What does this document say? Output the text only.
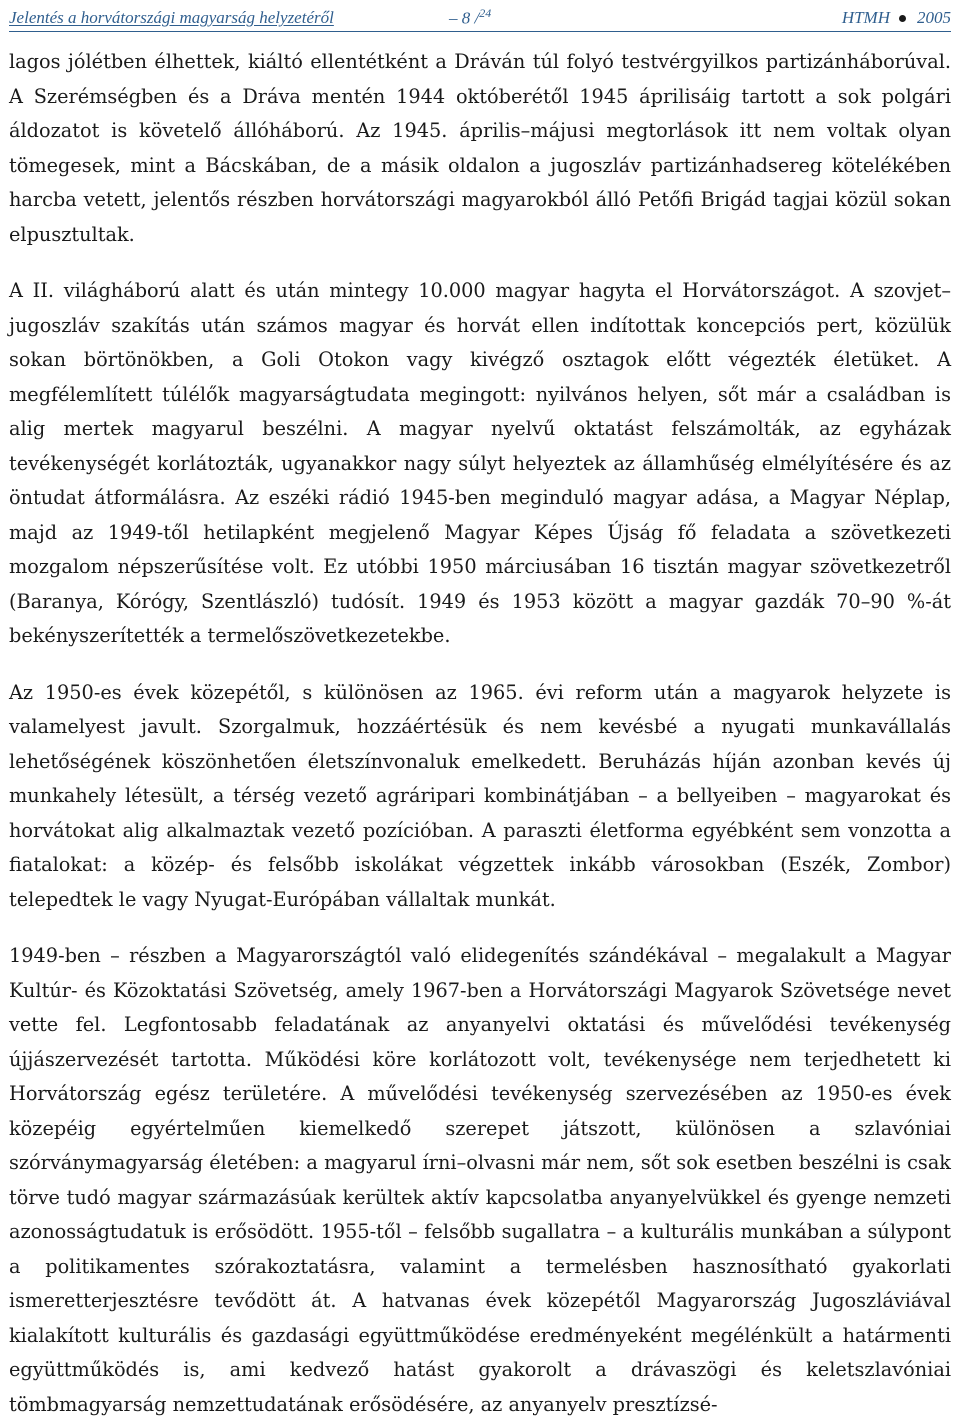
Jelentés a horvátországi magyarság helyzetéről	– 8 /$^{24}$	HTMH 2005

lagos jólétben élhettek, kiáltó ellentétként a Dráván túl folyó testvérgyilkos partizánháborúval. A Szerémségben és a Dráva mentén 1944 októberétől 1945 áprilisáig tartott a sok polgári áldozatot is követelő állóháború. Az 1945. április–májusi megtorlások itt nem voltak olyan tömegesek, mint a Bácskában, de a másik oldalon a jugoszláv partizánhadsereg kötelékében harcba vetett, jelentős részben horvátországi magyarokból álló Petőfi Brigád tagjai közül sokan elpusztultak.

A II. világháború alatt és után mintegy 10.000 magyar hagyta el Horvátországot. A szovjet–jugoszláv szakítás után számos magyar és horvát ellen indítottak koncepciós pert, közülük sokan börtönökben, a Goli Otokon vagy kivégző osztagok előtt végezték életüket. A megfélemlített túlélők magyarságtudata megingott: nyilvános helyen, sőt már a családban is alig mertek magyarul beszélni. A magyar nyelvű oktatást felszámolták, az egyházak tevékenységét korlátozták, ugyanakkor nagy súlyt helyeztek az államhűség elmélyítésére és az öntudat átformálásra. Az eszéki rádió 1945-ben meginduló magyar adása, a Magyar Néplap, majd az 1949-től hetilapként megjelenő Magyar Képes Újság fő feladata a szövetkezeti mozgalom népszerűsítése volt. Ez utóbbi 1950 márciusában 16 tisztán magyar szövetkezetről (Baranya, Kórógy, Szentlászló) tudósít. 1949 és 1953 között a magyar gazdák 70–90 %-át bekényszerítették a termelőszövetkezetekbe.

Az 1950-es évek közepétől, s különösen az 1965. évi reform után a magyarok helyzete is valamelyest javult. Szorgalmuk, hozzáértésük és nem kevésbé a nyugati munkavállalás lehetőségének köszönhetően életszínvonaluk emelkedett. Beruházás híján azonban kevés új munkahely létesült, a térség vezető agráripari kombinátjában – a bellyeiben – magyarokat és horvátokat alig alkalmaztak vezető pozícióban. A paraszti életforma egyébként sem vonzotta a fiatalokat: a közép- és felsőbb iskolákat végzettek inkább városokban (Eszék, Zombor) telepedtek le vagy Nyugat-Európában vállaltak munkát.

1949-ben – részben a Magyarországtól való elidegenítés szándékával – megalakult a Magyar Kultúr- és Közoktatási Szövetség, amely 1967-ben a Horvátországi Magyarok Szövetsége nevet vette fel. Legfontosabb feladatának az anyanyelvi oktatási és művelődési tevékenység újjászervezését tartotta. Működési köre korlátozott volt, tevékenysége nem terjedhetett ki Horvátország egész területére. A művelődési tevékenység szervezésében az 1950-es évek közepéig egyértelműen kiemelkedő szerepet játszott, különösen a szlavóniai szórványmagyarság életében: a magyarul írni–olvasni már nem, sőt sok esetben beszélni is csak törve tudó magyar származásúak kerültek aktív kapcsolatba anyanyelvükkel és gyenge nemzeti azonosságtudatuk is erősödött. 1955-től – felsőbb sugallatra – a kulturális munkában a súlypont a politikamentes szórakoztatásra, valamint a termelésben hasznosítható gyakorlati ismeretterjesztésre tevődött át. A hatvanas évek közepétől Magyarország Jugoszláviával kialakított kulturális és gazdasági együttműködése eredményeként megélénkült a határmenti együttműködés is, ami kedvező hatást gyakorolt a drávaszögi és keletszlavóniai tömbmagyarság nemzettudatának erősödésére, az anyanyelv presztízsé-
